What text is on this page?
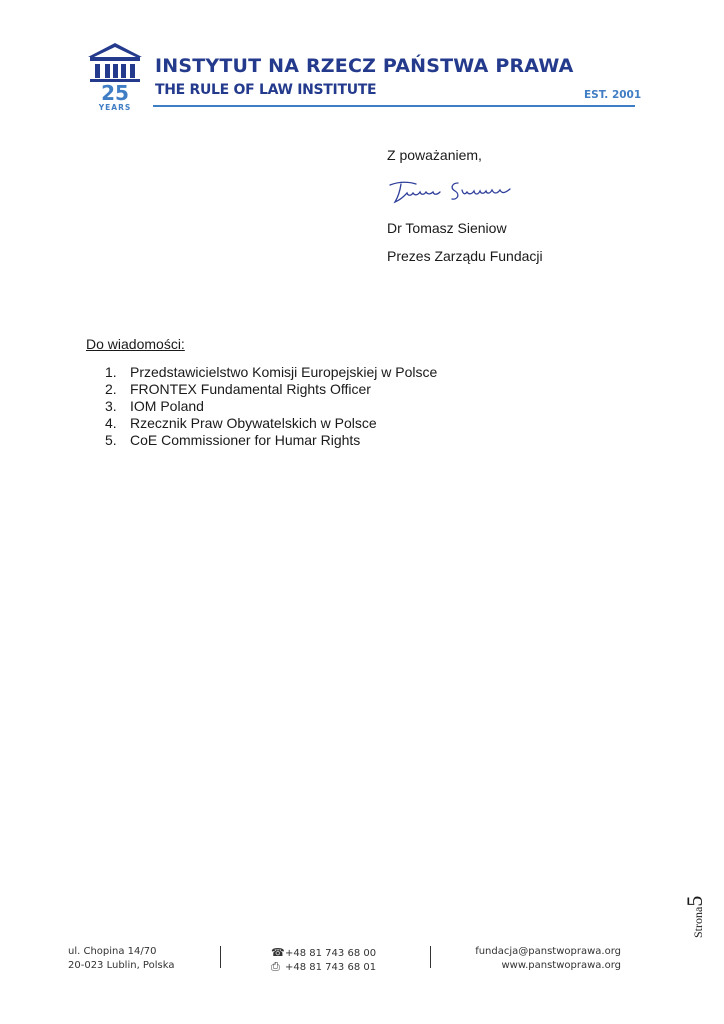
25
YEARS
INSTYTUT NA RZECZ PAŃSTWA PRAWA
THE RULE OF LAW INSTITUTE	EST. 2001
Z poważaniem,
Dr Tomasz Sieniow
Prezes Zarządu Fundacji
Do wiadomości:
1. Przedstawicielstwo Komisji Europejskiej w Polsce
2. FRONTEX Fundamental Rights Officer
3. IOM Poland
4. Rzecznik Praw Obywatelskich w Polsce
5. CoE Commissioner for Humar Rights
Strona5
ul. Chopina 14/70
20-023 Lublin, Polska
☎+48 81 743 68 00
⎙ +48 81 743 68 01
fundacja@panstwoprawa.org
www.panstwoprawa.org
